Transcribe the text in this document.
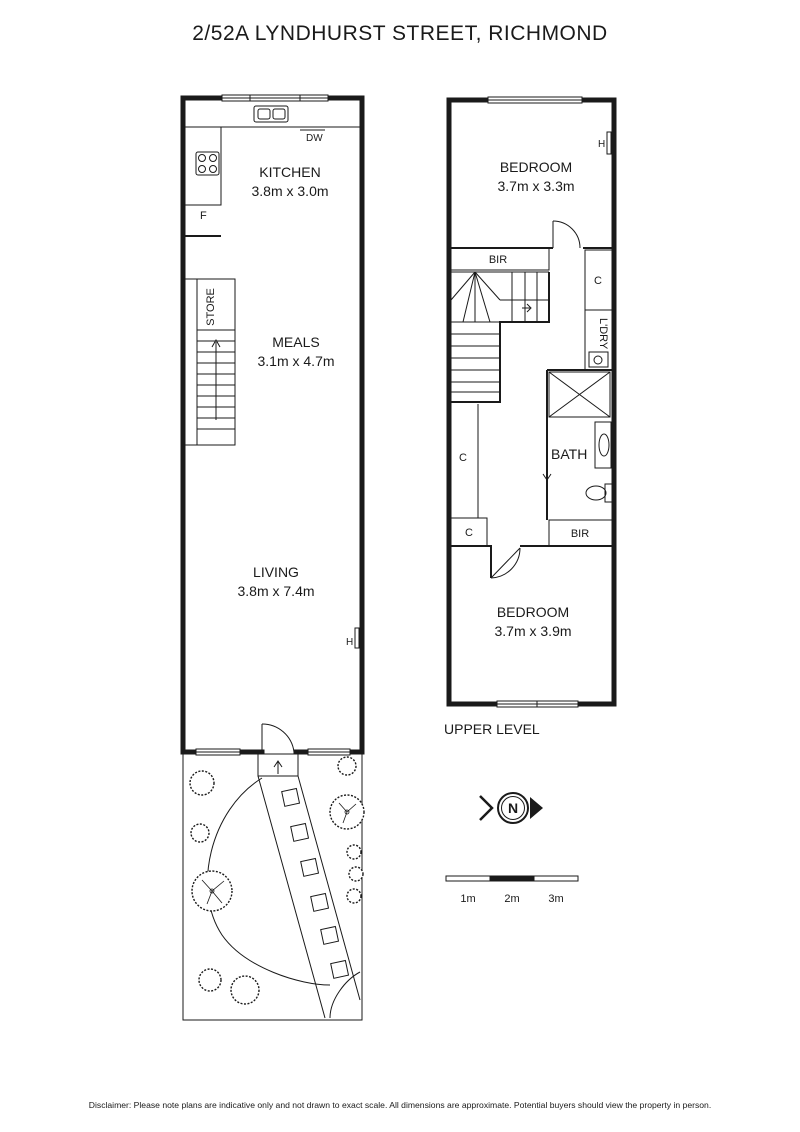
2/52A LYNDHURST STREET, RICHMOND
DW
F
KITCHEN
3.8m x 3.0m
STORE
MEALS
3.1m x 4.7m
LIVING
3.8m x 7.4m
H
H
BEDROOM
3.7m x 3.3m
BIR
C
L'DRY
BATH
C
C	BIR
BEDROOM
3.7m x 3.9m
UPPER LEVEL
N
1m	2m	3m
Disclaimer: Please note plans are indicative only and not drawn to exact scale. All dimensions are approximate. Potential buyers should view the property in person.
